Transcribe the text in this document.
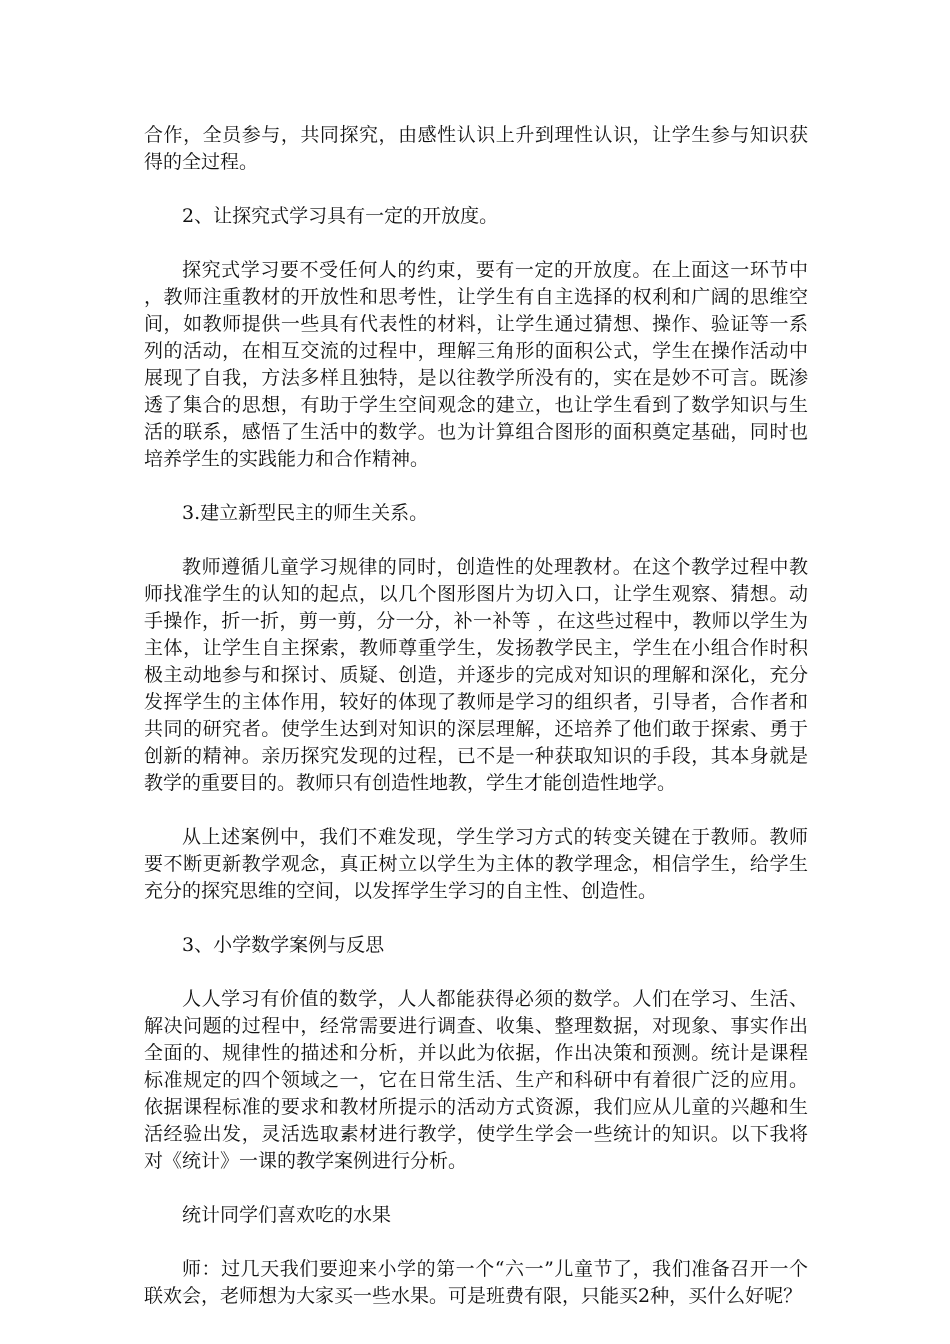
合作，全员参与，共同探究，由感性认识上升到理性认识，让学生参与知识获得的全过程。

2、让探究式学习具有一定的开放度。

探究式学习要不受任何人的约束，要有一定的开放度。在上面这一环节中，教师注重教材的开放性和思考性，让学生有自主选择的权利和广阔的思维空间，如教师提供一些具有代表性的材料，让学生通过猜想、操作、验证等一系列的活动，在相互交流的过程中，理解三角形的面积公式，学生在操作活动中展现了自我，方法多样且独特，是以往教学所没有的，实在是妙不可言。既渗透了集合的思想，有助于学生空间观念的建立，也让学生看到了数学知识与生活的联系，感悟了生活中的数学。也为计算组合图形的面积奠定基础，同时也培养学生的实践能力和合作精神。

3.建立新型民主的师生关系。

教师遵循儿童学习规律的同时，创造性的处理教材。在这个教学过程中教师找准学生的认知的起点，以几个图形图片为切入口，让学生观察、猜想。动手操作，折一折，剪一剪，分一分，补一补等 ，在这些过程中，教师以学生为主体，让学生自主探索，教师尊重学生，发扬教学民主，学生在小组合作时积极主动地参与和探讨、质疑、创造，并逐步的完成对知识的理解和深化，充分发挥学生的主体作用，较好的体现了教师是学习的组织者，引导者，合作者和共同的研究者。使学生达到对知识的深层理解，还培养了他们敢于探索、勇于创新的精神。亲历探究发现的过程，已不是一种获取知识的手段，其本身就是教学的重要目的。教师只有创造性地教，学生才能创造性地学。

从上述案例中，我们不难发现，学生学习方式的转变关键在于教师。教师要不断更新教学观念，真正树立以学生为主体的教学理念，相信学生，给学生充分的探究思维的空间，以发挥学生学习的自主性、创造性。

3、小学数学案例与反思

人人学习有价值的数学，人人都能获得必须的数学。人们在学习、生活、解决问题的过程中，经常需要进行调查、收集、整理数据，对现象、事实作出全面的、规律性的描述和分析，并以此为依据，作出决策和预测。统计是课程标准规定的四个领域之一，它在日常生活、生产和科研中有着很广泛的应用。依据课程标准的要求和教材所提示的活动方式资源，我们应从儿童的兴趣和生活经验出发，灵活选取素材进行教学，使学生学会一些统计的知识。以下我将对《统计》一课的教学案例进行分析。

统计同学们喜欢吃的水果

师：过几天我们要迎来小学的第一个“六一”儿童节了，我们准备召开一个联欢会，老师想为大家买一些水果。可是班费有限，只能买2种，买什么好呢？
